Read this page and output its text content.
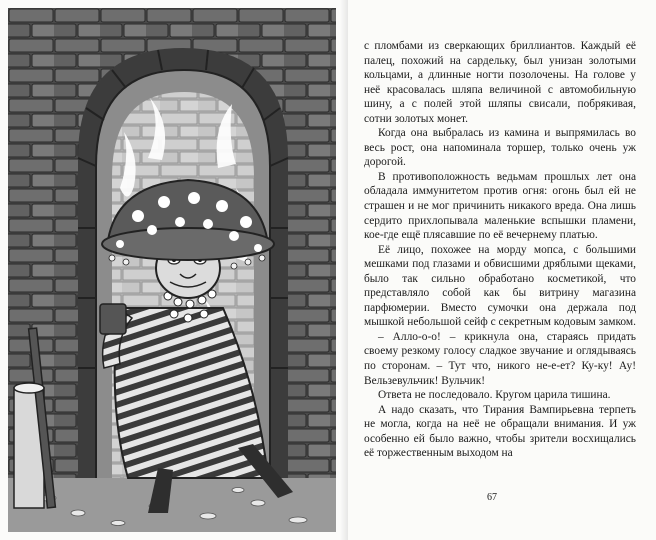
с пломбами из сверкающих бриллиантов. Каждый её палец, похожий на сардельку, был унизан золотыми кольцами, а длинные ногти позолочены. На голове у неё красовалась шляпа величиной с автомобильную шину, а с полей этой шляпы свисали, побрякивая, сотни золотых монет.

Когда она выбралась из камина и выпрямилась во весь рост, она напоминала торшер, только очень уж дорогой.

В противоположность ведьмам прошлых лет она обладала иммунитетом против огня: огонь был ей не страшен и не мог причинить никакого вреда. Она лишь сердито прихлопывала маленькие вспышки пламени, кое-где ещё плясавшие по её вечернему платью.

Её лицо, похожее на морду мопса, с большими мешками под глазами и обвисшими дряблыми щеками, было так сильно обработано косметикой, что представляло собой как бы витрину магазина парфюмерии. Вместо сумочки она держала под мышкой небольшой сейф с секретным кодовым замком.

– Алло-о-о! – крикнула она, стараясь придать своему резкому голосу сладкое звучание и оглядываясь по сторонам. – Тут что, никого не-е-ет? Ку-ку! Ау! Вельзевульчик! Вульчик!

Ответа не последовало. Кругом царила тишина.

А надо сказать, что Тирания Вампирьевна терпеть не могла, когда на неё не обращали внимания. И уж особенно ей было важно, чтобы зрители восхищались её торжественным выходом на

67
